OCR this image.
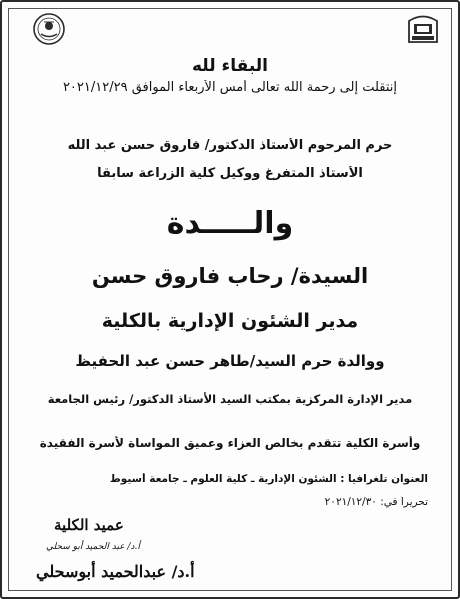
البقاء لله
إنتقلت إلى رحمة الله تعالى أمس الأربعاء الموافق ٢٠٢١/١٢/٢٩
حرم المرحوم الأستاذ الدكتور/ فاروق حسن عبد الله
الأستاذ المتفرغ ووكيل كلية الزراعة سابقاً
والـــــدة
السيدة/ رحاب فاروق حسن
مدير الشئون الإدارية بالكلية
ووالدة حرم السيد/طاهر حسن عبد الحفيظ
مدير الإدارة المركزية بمكتب السيد الأستاذ الدكتور/ رئيس الجامعة
وأسرة الكلية تتقدم بخالص العزاء وعميق المواساة لأسرة الفقيدة
العنوان تلغرافياً : الشئون الإدارية ـ كلية العلوم ـ جامعة أسيوط
تحريراً في: ٢٠٢١/١٢/٣٠
عميد الكلية
أ.د/ عبد الحميد أبو سحلي
أ.د/ عبدالحميد أبوسحلي
